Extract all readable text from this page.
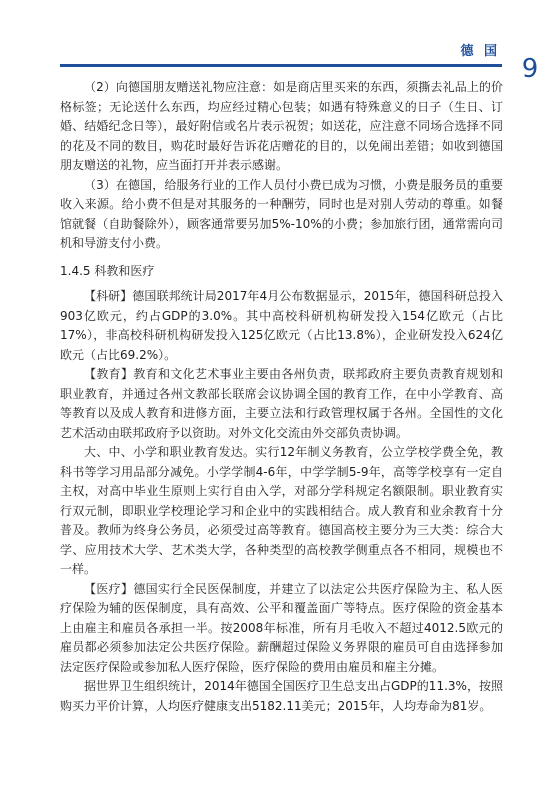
德 国
9

（2）向德国朋友赠送礼物应注意：如是商店里买来的东西，须撕去礼品上的价格标签；无论送什么东西，均应经过精心包装；如遇有特殊意义的日子（生日、订婚、结婚纪念日等），最好附信或名片表示祝贺；如送花，应注意不同场合选择不同的花及不同的数目，购花时最好告诉花店赠花的目的，以免闹出差错；如收到德国朋友赠送的礼物，应当面打开并表示感谢。

（3）在德国，给服务行业的工作人员付小费已成为习惯，小费是服务员的重要收入来源。给小费不但是对其服务的一种酬劳，同时也是对别人劳动的尊重。如餐馆就餐（自助餐除外），顾客通常要另加5%-10%的小费；参加旅行团，通常需向司机和导游支付小费。

1.4.5 科教和医疗

【科研】德国联邦统计局2017年4月公布数据显示，2015年，德国科研总投入903亿欧元，约占GDP的3.0%。其中高校科研机构研发投入154亿欧元（占比17%），非高校科研机构研发投入125亿欧元（占比13.8%），企业研发投入624亿欧元（占比69.2%）。

【教育】教育和文化艺术事业主要由各州负责，联邦政府主要负责教育规划和职业教育，并通过各州文教部长联席会议协调全国的教育工作，在中小学教育、高等教育以及成人教育和进修方面，主要立法和行政管理权属于各州。全国性的文化艺术活动由联邦政府予以资助。对外文化交流由外交部负责协调。

大、中、小学和职业教育发达。实行12年制义务教育，公立学校学费全免，教科书等学习用品部分减免。小学学制4-6年，中学学制5-9年，高等学校享有一定自主权，对高中毕业生原则上实行自由入学，对部分学科规定名额限制。职业教育实行双元制，即职业学校理论学习和企业中的实践相结合。成人教育和业余教育十分普及。教师为终身公务员，必须受过高等教育。德国高校主要分为三大类：综合大学、应用技术大学、艺术类大学，各种类型的高校教学侧重点各不相同，规模也不一样。

【医疗】德国实行全民医保制度，并建立了以法定公共医疗保险为主、私人医疗保险为辅的医保制度，具有高效、公平和覆盖面广等特点。医疗保险的资金基本上由雇主和雇员各承担一半。按2008年标准，所有月毛收入不超过4012.5欧元的雇员都必须参加法定公共医疗保险。薪酬超过保险义务界限的雇员可自由选择参加法定医疗保险或参加私人医疗保险，医疗保险的费用由雇员和雇主分摊。

据世界卫生组织统计，2014年德国全国医疗卫生总支出占GDP的11.3%，按照购买力平价计算，人均医疗健康支出5182.11美元；2015年，人均寿命为81岁。
